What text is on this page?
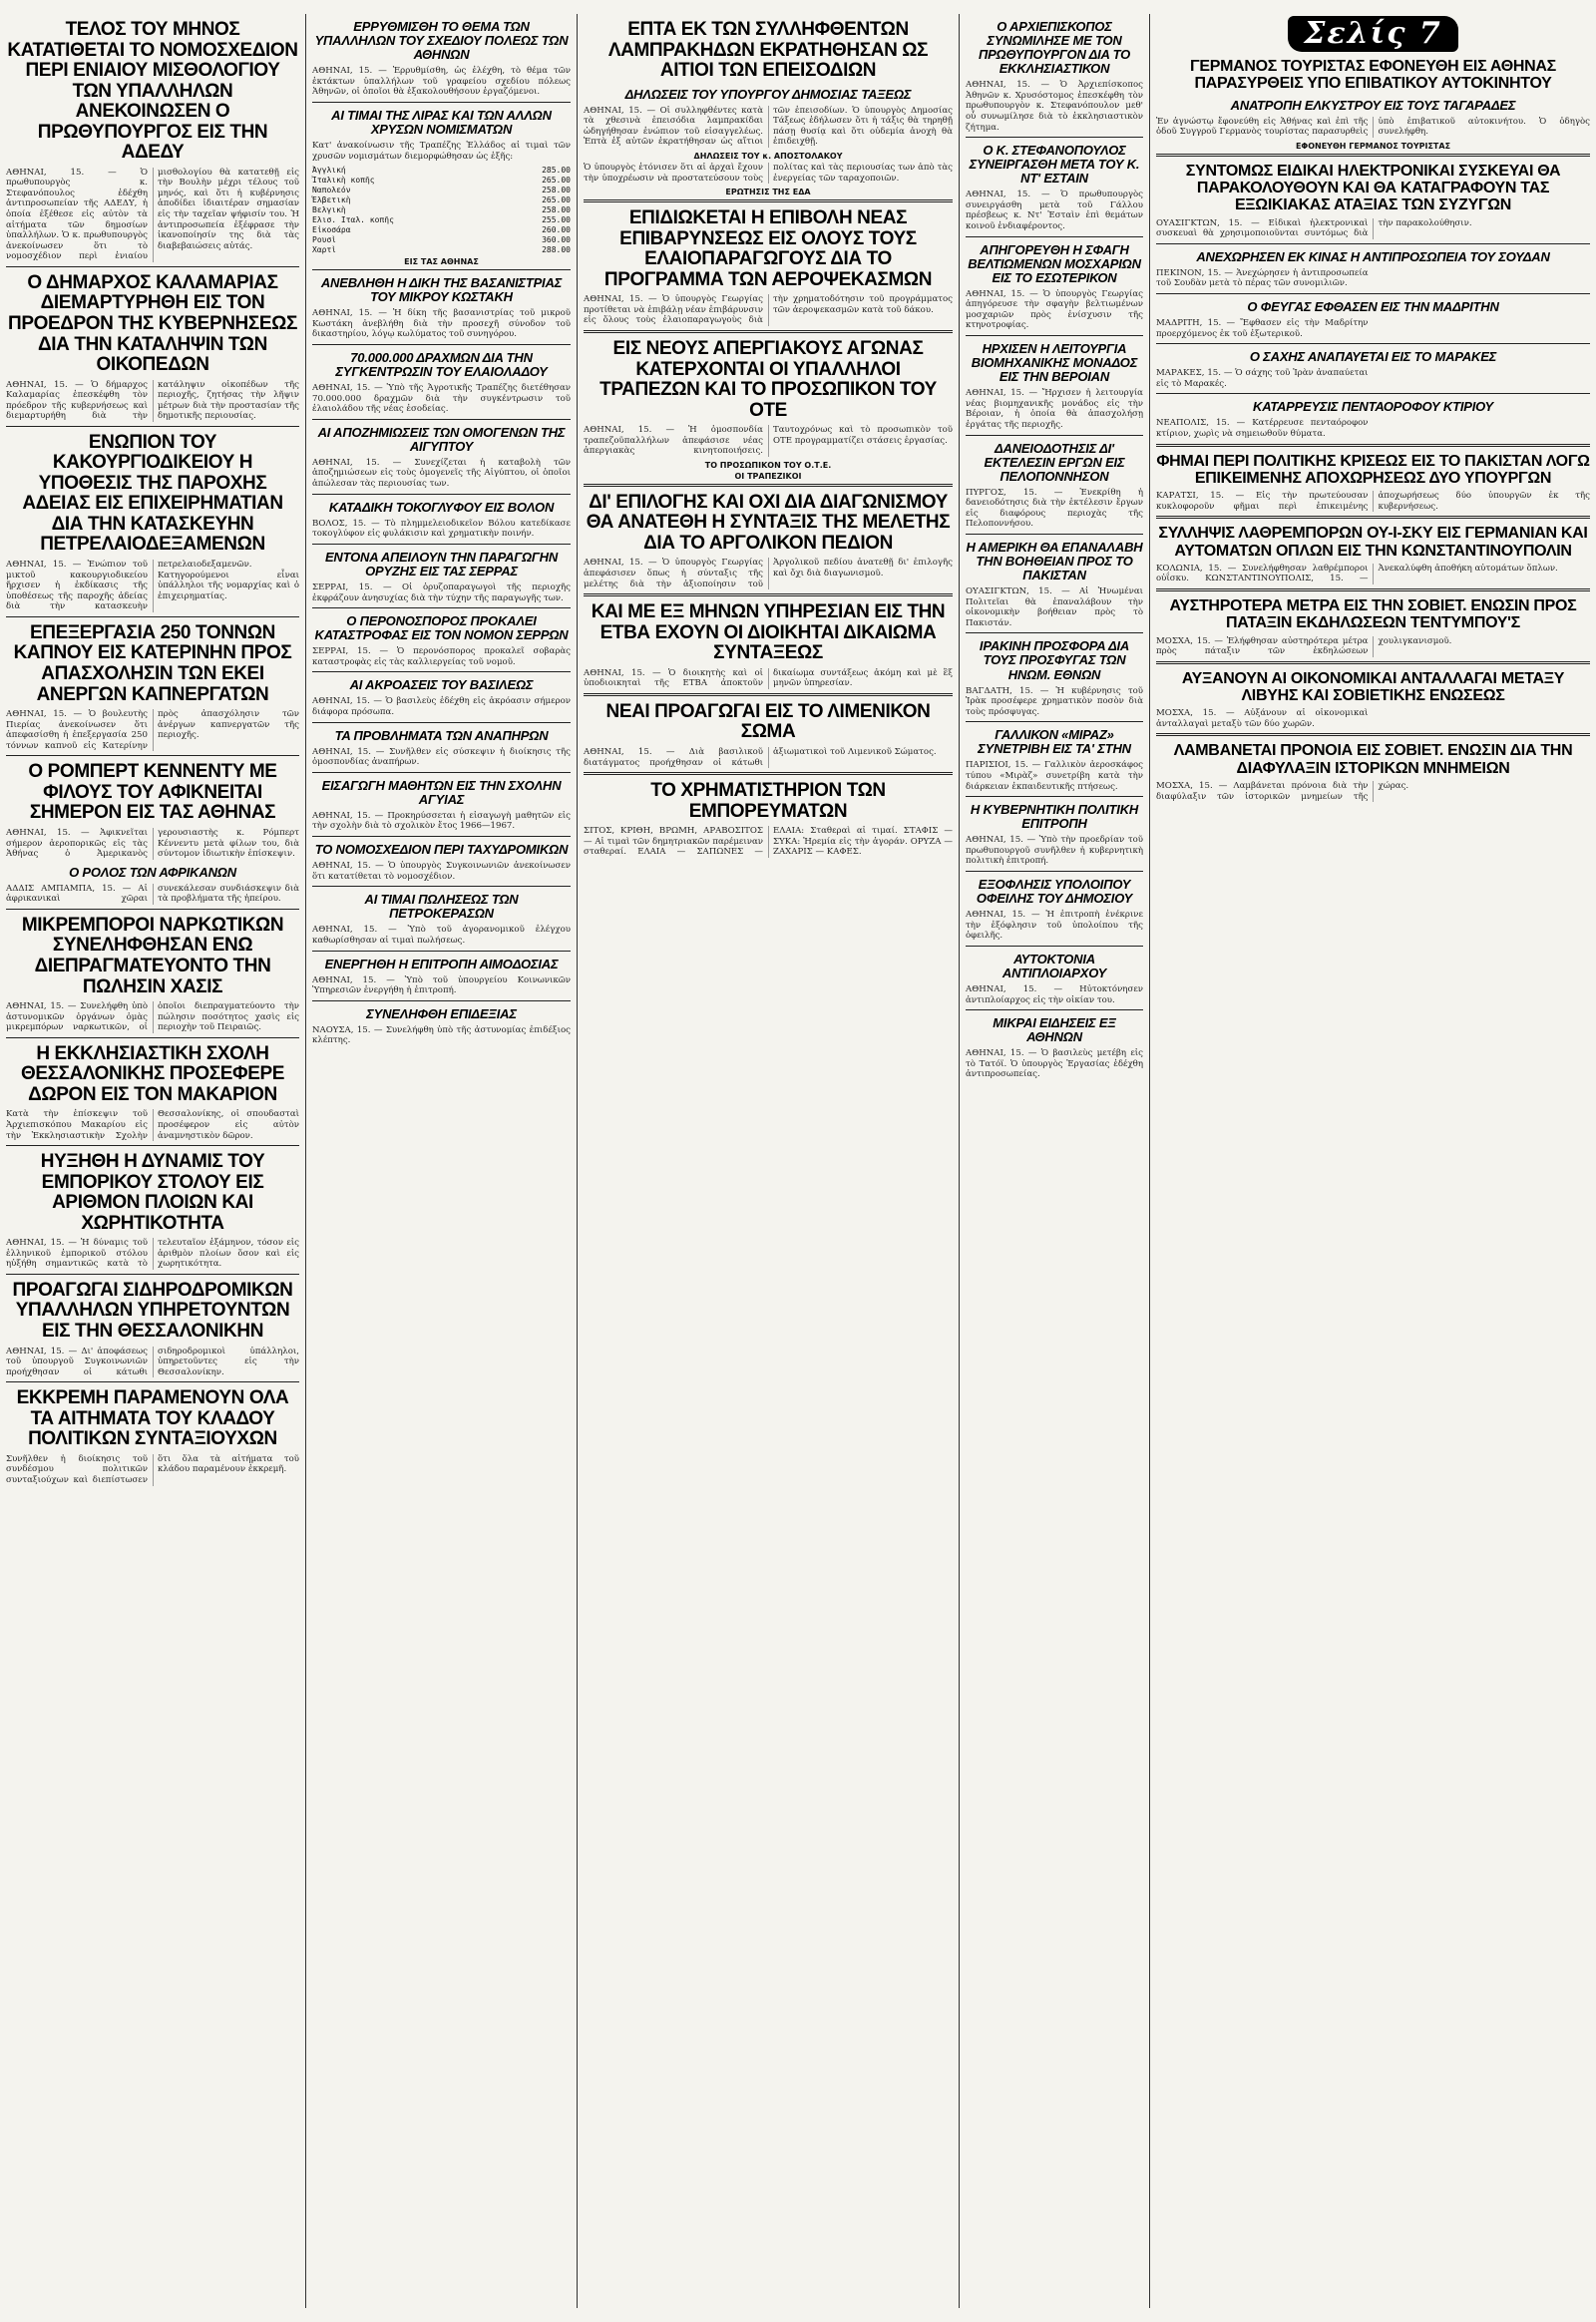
ΤΕΛΟΣ ΤΟΥ ΜΗΝΟΣ ΚΑΤΑΤΙΘΕΤΑΙ ΤΟ ΝΟΜΟΣΧΕΔΙΟΝ ΠΕΡΙ ΕΝΙΑΙΟΥ ΜΙΣΘΟΛΟΓΙΟΥ ΤΩΝ ΥΠΑΛΛΗΛΩΝ ΑΝΕΚΟΙΝΩΣΕΝ Ο ΠΡΩΘΥΠΟΥΡΓΟΣ ΕΙΣ ΤΗΝ ΑΔΕΔΥ
ΑΘΗΝΑΙ, 15. — Ὁ πρωθυπουργὸς κ. Στεφανόπουλος ἐδέχθη ἀντιπροσωπείαν τῆς ΑΔΕΔΥ, ἡ ὁποία ἐξέθεσε εἰς αὐτὸν τὰ αἰτήματα τῶν δημοσίων ὑπαλλήλων. Ὁ κ. πρωθυπουργὸς ἀνεκοίνωσεν ὅτι τὸ νομοσχέδιον περὶ ἑνιαίου μισθολογίου θὰ κατατεθῇ εἰς τὴν Βουλὴν μέχρι τέλους τοῦ μηνός, καὶ ὅτι ἡ κυβέρνησις ἀποδίδει ἰδιαιτέραν σημασίαν εἰς τὴν ταχεῖαν ψήφισίν του. Ἡ ἀντιπροσωπεία ἐξέφρασε τὴν ἱκανοποίησίν της διὰ τὰς διαβεβαιώσεις αὐτάς.
Ο ΔΗΜΑΡΧΟΣ ΚΑΛΑΜΑΡΙΑΣ ΔΙΕΜΑΡΤΥΡΗΘΗ ΕΙΣ ΤΟΝ ΠΡΟΕΔΡΟΝ ΤΗΣ ΚΥΒΕΡΝΗΣΕΩΣ ΔΙΑ ΤΗΝ ΚΑΤΑΛΗΨΙΝ ΤΩΝ ΟΙΚΟΠΕΔΩΝ
ΑΘΗΝΑΙ, 15. — Ὁ δήμαρχος Καλαμαρίας ἐπεσκέφθη τὸν πρόεδρον τῆς κυβερνήσεως καὶ διεμαρτυρήθη διὰ τὴν κατάληψιν οἰκοπέδων τῆς περιοχῆς, ζητήσας τὴν λῆψιν μέτρων διὰ τὴν προστασίαν τῆς δημοτικῆς περιουσίας.
ΕΝΩΠΙΟΝ ΤΟΥ ΚΑΚΟΥΡΓΙΟΔΙΚΕΙΟΥ Η ΥΠΟΘΕΣΙΣ ΤΗΣ ΠΑΡΟΧΗΣ ΑΔΕΙΑΣ ΕΙΣ ΕΠΙΧΕΙΡΗΜΑΤΙΑΝ ΔΙΑ ΤΗΝ ΚΑΤΑΣΚΕΥΗΝ ΠΕΤΡΕΛΑΙΟΔΕΞΑΜΕΝΩΝ
ΑΘΗΝΑΙ, 15. — Ἐνώπιον τοῦ μικτοῦ κακουργιοδικείου ἤρχισεν ἡ ἐκδίκασις τῆς ὑποθέσεως τῆς παροχῆς ἀδείας διὰ τὴν κατασκευὴν πετρελαιοδεξαμενῶν. Κατηγορούμενοι εἶναι ὑπάλληλοι τῆς νομαρχίας καὶ ὁ ἐπιχειρηματίας.
ΕΠΕΞΕΡΓΑΣΙΑ 250 ΤΟΝΝΩΝ ΚΑΠΝΟΥ ΕΙΣ ΚΑΤΕΡΙΝΗΝ ΠΡΟΣ ΑΠΑΣΧΟΛΗΣΙΝ ΤΩΝ ΕΚΕΙ ΑΝΕΡΓΩΝ ΚΑΠΝΕΡΓΑΤΩΝ
ΑΘΗΝΑΙ, 15. — Ὁ βουλευτὴς Πιερίας ἀνεκοίνωσεν ὅτι ἀπεφασίσθη ἡ ἐπεξεργασία 250 τόννων καπνοῦ εἰς Κατερίνην πρὸς ἀπασχόλησιν τῶν ἀνέργων καπνεργατῶν τῆς περιοχῆς.
Ο ΡΟΜΠΕΡΤ ΚΕΝΝΕΝΤΥ ΜΕ ΦΙΛΟΥΣ ΤΟΥ ΑΦΙΚΝΕΙΤΑΙ ΣΗΜΕΡΟΝ ΕΙΣ ΤΑΣ ΑΘΗΝΑΣ
ΑΘΗΝΑΙ, 15. — Ἀφικνεῖται σήμερον ἀεροπορικῶς εἰς τὰς Ἀθήνας ὁ Ἀμερικανὸς γερουσιαστὴς κ. Ρόμπερτ Κέννεντυ μετὰ φίλων του, διὰ σύντομον ἰδιωτικὴν ἐπίσκεψιν.
Ο ΡΟΛΟΣ ΤΩΝ ΑΦΡΙΚΑΝΩΝ
ΑΔΔΙΣ ΑΜΠΑΜΠΑ, 15. — Αἱ ἀφρικανικαὶ χῶραι συνεκάλεσαν συνδιάσκεψιν διὰ τὰ προβλήματα τῆς ἠπείρου.
ΜΙΚΡΕΜΠΟΡΟΙ ΝΑΡΚΩΤΙΚΩΝ ΣΥΝΕΛΗΦΘΗΣΑΝ ΕΝΩ ΔΙΕΠΡΑΓΜΑΤΕΥΟΝΤΟ ΤΗΝ ΠΩΛΗΣΙΝ ΧΑΣΙΣ
ΑΘΗΝΑΙ, 15. — Συνελήφθη ὑπὸ ἀστυνομικῶν ὀργάνων ὁμὰς μικρεμπόρων ναρκωτικῶν, οἱ ὁποῖοι διεπραγματεύοντο τὴν πώλησιν ποσότητος χασὶς εἰς περιοχὴν τοῦ Πειραιῶς.
Η ΕΚΚΛΗΣΙΑΣΤΙΚΗ ΣΧΟΛΗ ΘΕΣΣΑΛΟΝΙΚΗΣ ΠΡΟΣΕΦΕΡΕ ΔΩΡΟΝ ΕΙΣ ΤΟΝ ΜΑΚΑΡΙΟΝ
Κατὰ τὴν ἐπίσκεψιν τοῦ Ἀρχιεπισκόπου Μακαρίου εἰς τὴν Ἐκκλησιαστικὴν Σχολὴν Θεσσαλονίκης, οἱ σπουδασταὶ προσέφερον εἰς αὐτὸν ἀναμνηστικὸν δῶρον.
ΗΥΞΗΘΗ Η ΔΥΝΑΜΙΣ ΤΟΥ ΕΜΠΟΡΙΚΟΥ ΣΤΟΛΟΥ ΕΙΣ ΑΡΙΘΜΟΝ ΠΛΟΙΩΝ ΚΑΙ ΧΩΡΗΤΙΚΟΤΗΤΑ
ΑΘΗΝΑΙ, 15. — Ἡ δύναμις τοῦ ἑλληνικοῦ ἐμπορικοῦ στόλου ηὐξήθη σημαντικῶς κατὰ τὸ τελευταῖον ἑξάμηνον, τόσον εἰς ἀριθμὸν πλοίων ὅσον καὶ εἰς χωρητικότητα.
ΠΡΟΑΓΩΓΑΙ ΣΙΔΗΡΟΔΡΟΜΙΚΩΝ ΥΠΑΛΛΗΛΩΝ ΥΠΗΡΕΤΟΥΝΤΩΝ ΕΙΣ ΤΗΝ ΘΕΣΣΑΛΟΝΙΚΗΝ
ΑΘΗΝΑΙ, 15. — Δι' ἀποφάσεως τοῦ ὑπουργοῦ Συγκοινωνιῶν προήχθησαν οἱ κάτωθι σιδηροδρομικοὶ ὑπάλληλοι, ὑπηρετοῦντες εἰς τὴν Θεσσαλονίκην.
ΕΚΚΡΕΜΗ ΠΑΡΑΜΕΝΟΥΝ ΟΛΑ ΤΑ ΑΙΤΗΜΑΤΑ ΤΟΥ ΚΛΑΔΟΥ ΠΟΛΙΤΙΚΩΝ ΣΥΝΤΑΞΙΟΥΧΩΝ
Συνῆλθεν ἡ διοίκησις τοῦ συνδέσμου πολιτικῶν συνταξιούχων καὶ διεπίστωσεν ὅτι ὅλα τὰ αἰτήματα τοῦ κλάδου παραμένουν ἐκκρεμῆ.
ΕΡΡΥΘΜΙΣΘΗ ΤΟ ΘΕΜΑ ΤΩΝ ΥΠΑΛΛΗΛΩΝ ΤΟΥ ΣΧΕΔΙΟΥ ΠΟΛΕΩΣ ΤΩΝ ΑΘΗΝΩΝ
ΑΘΗΝΑΙ, 15. — Ἐρρυθμίσθη, ὡς ἐλέχθη, τὸ θέμα τῶν ἐκτάκτων ὑπαλλήλων τοῦ γραφείου σχεδίου πόλεως Ἀθηνῶν, οἱ ὁποῖοι θὰ ἐξακολουθήσουν ἐργαζόμενοι.
ΑΙ ΤΙΜΑΙ ΤΗΣ ΛΙΡΑΣ ΚΑΙ ΤΩΝ ΑΛΛΩΝ ΧΡΥΣΩΝ ΝΟΜΙΣΜΑΤΩΝ
Κατ' ἀνακοίνωσιν τῆς Τραπέζης Ἑλλάδος αἱ τιμαὶ τῶν χρυσῶν νομισμάτων διεμορφώθησαν ὡς ἑξῆς:
Ἀγγλική	285.00
Ἰταλικὴ κοπῆς	265.00
Ναπολεόν	258.00
Ἑλβετικὴ	265.00
Βελγικὴ	258.00
Ελισ. Ιταλ. κοπῆς	255.00
Εἰκοσάρα	260.00
Ρουσὶ	360.00
Χαρτὶ	288.00
ΕΙΣ ΤΑΣ ΑΘΗΝΑΣ
ΑΝΕΒΛΗΘΗ Η ΔΙΚΗ ΤΗΣ ΒΑΣΑΝΙΣΤΡΙΑΣ ΤΟΥ ΜΙΚΡΟΥ ΚΩΣΤΑΚΗ
ΑΘΗΝΑΙ, 15. — Ἡ δίκη τῆς βασανιστρίας τοῦ μικροῦ Κωστάκη ἀνεβλήθη διὰ τὴν προσεχῆ σύνοδον τοῦ δικαστηρίου, λόγῳ κωλύματος τοῦ συνηγόρου.
70.000.000 ΔΡΑΧΜΩΝ ΔΙΑ ΤΗΝ ΣΥΓΚΕΝΤΡΩΣΙΝ ΤΟΥ ΕΛΑΙΟΛΑΔΟΥ
ΑΘΗΝΑΙ, 15. — Ὑπὸ τῆς Ἀγροτικῆς Τραπέζης διετέθησαν 70.000.000 δραχμῶν διὰ τὴν συγκέντρωσιν τοῦ ἐλαιολάδου τῆς νέας ἐσοδείας.
ΑΙ ΑΠΟΖΗΜΙΩΣΕΙΣ ΤΩΝ ΟΜΟΓΕΝΩΝ ΤΗΣ ΑΙΓΥΠΤΟΥ
ΑΘΗΝΑΙ, 15. — Συνεχίζεται ἡ καταβολὴ τῶν ἀποζημιώσεων εἰς τοὺς ὁμογενεῖς τῆς Αἰγύπτου, οἱ ὁποῖοι ἀπώλεσαν τὰς περιουσίας των.
ΚΑΤΑΔΙΚΗ ΤΟΚΟΓΛΥΦΟΥ ΕΙΣ ΒΟΛΟΝ
ΒΟΛΟΣ, 15. — Τὸ πλημμελειοδικεῖον Βόλου κατεδίκασε τοκογλύφον εἰς φυλάκισιν καὶ χρηματικὴν ποινήν.
ΕΝΤΟΝΑ ΑΠΕΙΛΟΥΝ ΤΗΝ ΠΑΡΑΓΩΓΗΝ ΟΡΥΖΗΣ ΕΙΣ ΤΑΣ ΣΕΡΡΑΣ
ΣΕΡΡΑΙ, 15. — Οἱ ὀρυζοπαραγωγοὶ τῆς περιοχῆς ἐκφράζουν ἀνησυχίας διὰ τὴν τύχην τῆς παραγωγῆς των.
Ο ΠΕΡΟΝΟΣΠΟΡΟΣ ΠΡΟΚΑΛΕΙ ΚΑΤΑΣΤΡΟΦΑΣ ΕΙΣ ΤΟΝ ΝΟΜΟΝ ΣΕΡΡΩΝ
ΣΕΡΡΑΙ, 15. — Ὁ περονόσπορος προκαλεῖ σοβαρὰς καταστροφὰς εἰς τὰς καλλιεργείας τοῦ νομοῦ.
ΑΙ ΑΚΡΟΑΣΕΙΣ ΤΟΥ ΒΑΣΙΛΕΩΣ
ΑΘΗΝΑΙ, 15. — Ὁ βασιλεὺς ἐδέχθη εἰς ἀκρόασιν σήμερον διάφορα πρόσωπα.
ΤΑ ΠΡΟΒΛΗΜΑΤΑ ΤΩΝ ΑΝΑΠΗΡΩΝ
ΑΘΗΝΑΙ, 15. — Συνῆλθεν εἰς σύσκεψιν ἡ διοίκησις τῆς ὁμοσπονδίας ἀναπήρων.
ΕΙΣΑΓΩΓΗ ΜΑΘΗΤΩΝ ΕΙΣ ΤΗΝ ΣΧΟΛΗΝ ΑΓΥΙΑΣ
ΑΘΗΝΑΙ, 15. — Προκηρύσσεται ἡ εἰσαγωγὴ μαθητῶν εἰς τὴν σχολὴν διὰ τὸ σχολικὸν ἔτος 1966—1967.
ΤΟ ΝΟΜΟΣΧΕΔΙΟΝ ΠΕΡΙ ΤΑΧΥΔΡΟΜΙΚΩΝ
ΑΘΗΝΑΙ, 15. — Ὁ ὑπουργὸς Συγκοινωνιῶν ἀνεκοίνωσεν ὅτι κατατίθεται τὸ νομοσχέδιον.
ΑΙ ΤΙΜΑΙ ΠΩΛΗΣΕΩΣ ΤΩΝ ΠΕΤΡΟΚΕΡΑΣΩΝ
ΑΘΗΝΑΙ, 15. — Ὑπὸ τοῦ ἀγορανομικοῦ ἐλέγχου καθωρίσθησαν αἱ τιμαὶ πωλήσεως.
ΕΝΕΡΓΗΘΗ Η ΕΠΙΤΡΟΠΗ ΑΙΜΟΔΟΣΙΑΣ
ΑΘΗΝΑΙ, 15. — Ὑπὸ τοῦ ὑπουργείου Κοινωνικῶν Ὑπηρεσιῶν ἐνεργήθη ἡ ἐπιτροπή.
ΣΥΝΕΛΗΦΘΗ ΕΠΙΔΕΞΙΑΣ
ΝΑΟΥΣΑ, 15. — Συνελήφθη ὑπὸ τῆς ἀστυνομίας ἐπιδέξιος κλέπτης.
ΕΠΤΑ ΕΚ ΤΩΝ ΣΥΛΛΗΦΘΕΝΤΩΝ ΛΑΜΠΡΑΚΗΔΩΝ ΕΚΡΑΤΗΘΗΣΑΝ ΩΣ ΑΙΤΙΟΙ ΤΩΝ ΕΠΕΙΣΟΔΙΩΝ
ΔΗΛΩΣΕΙΣ ΤΟΥ ΥΠΟΥΡΓΟΥ ΔΗΜΟΣΙΑΣ ΤΑΞΕΩΣ
ΑΘΗΝΑΙ, 15. — Οἱ συλληφθέντες κατὰ τὰ χθεσινὰ ἐπεισόδια λαμπρακίδαι ὡδηγήθησαν ἐνώπιον τοῦ εἰσαγγελέως. Ἑπτὰ ἐξ αὐτῶν ἐκρατήθησαν ὡς αἴτιοι τῶν ἐπεισοδίων. Ὁ ὑπουργὸς Δημοσίας Τάξεως ἐδήλωσεν ὅτι ἡ τάξις θὰ τηρηθῇ πάσῃ θυσίᾳ καὶ ὅτι οὐδεμία ἀνοχὴ θὰ ἐπιδειχθῇ.
ΔΗΛΩΣΕΙΣ ΤΟΥ κ. ΑΠΟΣΤΟΛΑΚΟΥ
Ὁ ὑπουργὸς ἐτόνισεν ὅτι αἱ ἀρχαὶ ἔχουν τὴν ὑποχρέωσιν νὰ προστατεύσουν τοὺς πολίτας καὶ τὰς περιουσίας των ἀπὸ τὰς ἐνεργείας τῶν ταραχοποιῶν.
ΕΡΩΤΗΣΙΣ ΤΗΣ ΕΔΑ
ΕΠΙΔΙΩΚΕΤΑΙ Η ΕΠΙΒΟΛΗ ΝΕΑΣ ΕΠΙΒΑΡΥΝΣΕΩΣ ΕΙΣ ΟΛΟΥΣ ΤΟΥΣ ΕΛΑΙΟΠΑΡΑΓΩΓΟΥΣ ΔΙΑ ΤΟ ΠΡΟΓΡΑΜΜΑ ΤΩΝ ΑΕΡΟΨΕΚΑΣΜΩΝ
ΑΘΗΝΑΙ, 15. — Ὁ ὑπουργὸς Γεωργίας προτίθεται νὰ ἐπιβάλῃ νέαν ἐπιβάρυνσιν εἰς ὅλους τοὺς ἐλαιοπαραγωγοὺς διὰ τὴν χρηματοδότησιν τοῦ προγράμματος τῶν ἀεροψεκασμῶν κατὰ τοῦ δάκου.
ΕΙΣ ΝΕΟΥΣ ΑΠΕΡΓΙΑΚΟΥΣ ΑΓΩΝΑΣ ΚΑΤΕΡΧΟΝΤΑΙ ΟΙ ΥΠΑΛΛΗΛΟΙ ΤΡΑΠΕΖΩΝ ΚΑΙ ΤΟ ΠΡΟΣΩΠΙΚΟΝ ΤΟΥ ΟΤΕ
ΑΘΗΝΑΙ, 15. — Ἡ ὁμοσπονδία τραπεζοϋπαλλήλων ἀπεφάσισε νέας ἀπεργιακὰς κινητοποιήσεις. Ταυτοχρόνως καὶ τὸ προσωπικὸν τοῦ ΟΤΕ προγραμματίζει στάσεις ἐργασίας.
ΤΟ ΠΡΟΣΩΠΙΚΟΝ ΤΟΥ Ο.Τ.Ε.
ΟΙ ΤΡΑΠΕΖΙΚΟΙ
ΔΙ' ΕΠΙΛΟΓΗΣ ΚΑΙ ΟΧΙ ΔΙΑ ΔΙΑΓΩΝΙΣΜΟΥ ΘΑ ΑΝΑΤΕΘΗ Η ΣΥΝΤΑΞΙΣ ΤΗΣ ΜΕΛΕΤΗΣ ΔΙΑ ΤΟ ΑΡΓΟΛΙΚΟΝ ΠΕΔΙΟΝ
ΑΘΗΝΑΙ, 15. — Ὁ ὑπουργὸς Γεωργίας ἀπεφάσισεν ὅπως ἡ σύνταξις τῆς μελέτης διὰ τὴν ἀξιοποίησιν τοῦ Ἀργολικοῦ πεδίου ἀνατεθῇ δι' ἐπιλογῆς καὶ ὄχι διὰ διαγωνισμοῦ.
ΚΑΙ ΜΕ ΕΞ ΜΗΝΩΝ ΥΠΗΡΕΣΙΑΝ ΕΙΣ ΤΗΝ ΕΤΒΑ ΕΧΟΥΝ ΟΙ ΔΙΟΙΚΗΤΑΙ ΔΙΚΑΙΩΜΑ ΣΥΝΤΑΞΕΩΣ
ΑΘΗΝΑΙ, 15. — Ὁ διοικητὴς καὶ οἱ ὑποδιοικηταὶ τῆς ΕΤΒΑ ἀποκτοῦν δικαίωμα συντάξεως ἀκόμη καὶ μὲ ἓξ μηνῶν ὑπηρεσίαν.
ΝΕΑΙ ΠΡΟΑΓΩΓΑΙ ΕΙΣ ΤΟ ΛΙΜΕΝΙΚΟΝ ΣΩΜΑ
ΑΘΗΝΑΙ, 15. — Διὰ βασιλικοῦ διατάγματος προήχθησαν οἱ κάτωθι ἀξιωματικοὶ τοῦ Λιμενικοῦ Σώματος.
ΤΟ ΧΡΗΜΑΤΙΣΤΗΡΙΟΝ ΤΩΝ ΕΜΠΟΡΕΥΜΑΤΩΝ
ΣΙΤΟΣ, ΚΡΙΘΗ, ΒΡΩΜΗ, ΑΡΑΒΟΣΙΤΟΣ — Αἱ τιμαὶ τῶν δημητριακῶν παρέμειναν σταθεραί. ΕΛΑΙΑ — ΣΑΠΩΝΕΣ — ΕΛΑΙΑ: Σταθεραὶ αἱ τιμαί. ΣΤΑΦΙΣ — ΣΥΚΑ: Ἠρεμία εἰς τὴν ἀγοράν. ΟΡΥΖΑ — ΖΑΧΑΡΙΣ — ΚΑΦΕΣ.
Ο ΑΡΧΙΕΠΙΣΚΟΠΟΣ ΣΥΝΩΜΙΛΗΣΕ ΜΕ ΤΟΝ ΠΡΩΘΥΠΟΥΡΓΟΝ ΔΙΑ ΤΟ ΕΚΚΛΗΣΙΑΣΤΙΚΟΝ
ΑΘΗΝΑΙ, 15. — Ὁ Ἀρχιεπίσκοπος Ἀθηνῶν κ. Χρυσόστομος ἐπεσκέφθη τὸν πρωθυπουργὸν κ. Στεφανόπουλον μεθ' οὗ συνωμίλησε διὰ τὸ ἐκκλησιαστικὸν ζήτημα.
Ο Κ. ΣΤΕΦΑΝΟΠΟΥΛΟΣ ΣΥΝΕΙΡΓΑΣΘΗ ΜΕΤΑ ΤΟΥ Κ. ΝΤ' ΕΣΤΑΙΝ
ΑΘΗΝΑΙ, 15. — Ὁ πρωθυπουργὸς συνειργάσθη μετὰ τοῦ Γάλλου πρέσβεως κ. Ντ' Ἐσταὶν ἐπὶ θεμάτων κοινοῦ ἐνδιαφέροντος.
ΑΠΗΓΟΡΕΥΘΗ Η ΣΦΑΓΗ ΒΕΛΤΙΩΜΕΝΩΝ ΜΟΣΧΑΡΙΩΝ ΕΙΣ ΤΟ ΕΣΩΤΕΡΙΚΟΝ
ΑΘΗΝΑΙ, 15. — Ὁ ὑπουργὸς Γεωργίας ἀπηγόρευσε τὴν σφαγὴν βελτιωμένων μοσχαριῶν πρὸς ἐνίσχυσιν τῆς κτηνοτροφίας.
ΗΡΧΙΣΕΝ Η ΛΕΙΤΟΥΡΓΙΑ ΒΙΟΜΗΧΑΝΙΚΗΣ ΜΟΝΑΔΟΣ ΕΙΣ ΤΗΝ ΒΕΡΟΙΑΝ
ΑΘΗΝΑΙ, 15. — Ἤρχισεν ἡ λειτουργία νέας βιομηχανικῆς μονάδος εἰς τὴν Βέροιαν, ἡ ὁποία θὰ ἀπασχολήσῃ ἐργάτας τῆς περιοχῆς.
ΔΑΝΕΙΟΔΟΤΗΣΙΣ ΔΙ' ΕΚΤΕΛΕΣΙΝ ΕΡΓΩΝ ΕΙΣ ΠΕΛΟΠΟΝΝΗΣΟΝ
ΠΥΡΓΟΣ, 15. — Ἐνεκρίθη ἡ δανειοδότησις διὰ τὴν ἐκτέλεσιν ἔργων εἰς διαφόρους περιοχὰς τῆς Πελοποννήσου.
Η ΑΜΕΡΙΚΗ ΘΑ ΕΠΑΝΑΛΑΒΗ ΤΗΝ ΒΟΗΘΕΙΑΝ ΠΡΟΣ ΤΟ ΠΑΚΙΣΤΑΝ
ΟΥΑΣΙΓΚΤΩΝ, 15. — Αἱ Ἡνωμέναι Πολιτεῖαι θὰ ἐπαναλάβουν τὴν οἰκονομικὴν βοήθειαν πρὸς τὸ Πακιστάν.
ΙΡΑΚΙΝΗ ΠΡΟΣΦΟΡΑ ΔΙΑ ΤΟΥΣ ΠΡΟΣΦΥΓΑΣ ΤΩΝ ΗΝΩΜ. ΕΘΝΩΝ
ΒΑΓΔΑΤΗ, 15. — Ἡ κυβέρνησις τοῦ Ἰρὰκ προσέφερε χρηματικὸν ποσὸν διὰ τοὺς πρόσφυγας.
ΓΑΛΛΙΚΟΝ «ΜΙΡΑΖ» ΣΥΝΕΤΡΙΒΗ ΕΙΣ ΤΑ' ΣΤΗΝ
ΠΑΡΙΣΙΟΙ, 15. — Γαλλικὸν ἀεροσκάφος τύπου «Μιρὰζ» συνετρίβη κατὰ τὴν διάρκειαν ἐκπαιδευτικῆς πτήσεως.
Η ΚΥΒΕΡΝΗΤΙΚΗ ΠΟΛΙΤΙΚΗ ΕΠΙΤΡΟΠΗ
ΑΘΗΝΑΙ, 15. — Ὑπὸ τὴν προεδρίαν τοῦ πρωθυπουργοῦ συνῆλθεν ἡ κυβερνητικὴ πολιτικὴ ἐπιτροπή.
ΕΞΟΦΛΗΣΙΣ ΥΠΟΛΟΙΠΟΥ ΟΦΕΙΛΗΣ ΤΟΥ ΔΗΜΟΣΙΟΥ
ΑΘΗΝΑΙ, 15. — Ἡ ἐπιτροπὴ ἐνέκρινε τὴν ἐξόφλησιν τοῦ ὑπολοίπου τῆς ὀφειλῆς.
ΑΥΤΟΚΤΟΝΙΑ ΑΝΤΙΠΛΟΙΑΡΧΟΥ
ΑΘΗΝΑΙ, 15. — Ηὐτοκτόνησεν ἀντιπλοίαρχος εἰς τὴν οἰκίαν του.
ΜΙΚΡΑΙ ΕΙΔΗΣΕΙΣ ΕΞ ΑΘΗΝΩΝ
ΑΘΗΝΑΙ, 15. — Ὁ βασιλεὺς μετέβη εἰς τὸ Τατόϊ. Ὁ ὑπουργὸς Ἐργασίας ἐδέχθη ἀντιπροσωπείας.
Σελίς 7
ΓΕΡΜΑΝΟΣ ΤΟΥΡΙΣΤΑΣ ΕΦΟΝΕΥΘΗ ΕΙΣ ΑΘΗΝΑΣ ΠΑΡΑΣΥΡΘΕΙΣ ΥΠΟ ΕΠΙΒΑΤΙΚΟΥ ΑΥΤΟΚΙΝΗΤΟΥ
ΑΝΑΤΡΟΠΗ ΕΛΚΥΣΤΡΟΥ ΕΙΣ ΤΟΥΣ ΤΑΓΑΡΑΔΕΣ
Ἐν ἀγνώστῳ ἔφονεύθη εἰς Ἀθήνας καὶ ἐπὶ τῆς ὁδοῦ Συγγροῦ Γερμανὸς τουρίστας παρασυρθεὶς ὑπὸ ἐπιβατικοῦ αὐτοκινήτου. Ὁ ὁδηγὸς συνελήφθη.
ΕΦΟΝΕΥΘΗ ΓΕΡΜΑΝΟΣ ΤΟΥΡΙΣΤΑΣ
ΣΥΝΤΟΜΩΣ ΕΙΔΙΚΑΙ ΗΛΕΚΤΡΟΝΙΚΑΙ ΣΥΣΚΕΥΑΙ ΘΑ ΠΑΡΑΚΟΛΟΥΘΟΥΝ ΚΑΙ ΘΑ ΚΑΤΑΓΡΑΦΟΥΝ ΤΑΣ ΕΞΩΙΚΙΑΚΑΣ ΑΤΑΞΙΑΣ ΤΩΝ ΣΥΖΥΓΩΝ
ΟΥΑΣΙΓΚΤΩΝ, 15. — Εἰδικαὶ ἠλεκτρονικαὶ συσκευαὶ θὰ χρησιμοποιοῦνται συντόμως διὰ τὴν παρακολούθησιν.
ΑΝΕΧΩΡΗΣΕΝ ΕΚ ΚΙΝΑΣ Η ΑΝΤΙΠΡΟΣΩΠΕΙΑ ΤΟΥ ΣΟΥΔΑΝ
ΠΕΚΙΝΟΝ, 15. — Ἀνεχώρησεν ἡ ἀντιπροσωπεία τοῦ Σουδὰν μετὰ τὸ πέρας τῶν συνομιλιῶν.
Ο ΦΕΥΓΑΣ ΕΦΘΑΣΕΝ ΕΙΣ ΤΗΝ ΜΑΔΡΙΤΗΝ
ΜΑΔΡΙΤΗ, 15. — Ἔφθασεν εἰς τὴν Μαδρίτην προερχόμενος ἐκ τοῦ ἐξωτερικοῦ.
Ο ΣΑΧΗΣ ΑΝΑΠΑΥΕΤΑΙ ΕΙΣ ΤΟ ΜΑΡΑΚΕΣ
ΜΑΡΑΚΕΣ, 15. — Ὁ σάχης τοῦ Ἰρὰν ἀναπαύεται εἰς τὸ Μαρακές.
ΚΑΤΑΡΡΕΥΣΙΣ ΠΕΝΤΑΟΡΟΦΟΥ ΚΤΙΡΙΟΥ
ΝΕΑΠΟΛΙΣ, 15. — Κατέρρευσε πενταόροφον κτίριον, χωρὶς νὰ σημειωθοῦν θύματα.
ΦΗΜΑΙ ΠΕΡΙ ΠΟΛΙΤΙΚΗΣ ΚΡΙΣΕΩΣ ΕΙΣ ΤΟ ΠΑΚΙΣΤΑΝ ΛΟΓΩ ΕΠΙΚΕΙΜΕΝΗΣ ΑΠΟΧΩΡΗΣΕΩΣ ΔΥΟ ΥΠΟΥΡΓΩΝ
ΚΑΡΑΤΣΙ, 15. — Εἰς τὴν πρωτεύουσαν κυκλοφοροῦν φῆμαι περὶ ἐπικειμένης ἀποχωρήσεως δύο ὑπουργῶν ἐκ τῆς κυβερνήσεως.
ΣΥΛΛΗΨΙΣ ΛΑΘΡΕΜΠΟΡΩΝ ΟΥ-Ι-ΣΚΥ ΕΙΣ ΓΕΡΜΑΝΙΑΝ ΚΑΙ ΑΥΤΟΜΑΤΩΝ ΟΠΛΩΝ ΕΙΣ ΤΗΝ ΚΩΝΣΤΑΝΤΙΝΟΥΠΟΛΙΝ
ΚΟΛΩΝΙΑ, 15. — Συνελήφθησαν λαθρέμποροι οὐΐσκυ. ΚΩΝΣΤΑΝΤΙΝΟΥΠΟΛΙΣ, 15. — Ἀνεκαλύφθη ἀποθήκη αὐτομάτων ὅπλων.
ΑΥΣΤΗΡΟΤΕΡΑ ΜΕΤΡΑ ΕΙΣ ΤΗΝ ΣΟΒΙΕΤ. ΕΝΩΣΙΝ ΠΡΟΣ ΠΑΤΑΞΙΝ ΕΚΔΗΛΩΣΕΩΝ ΤΕΝΤΥΜΠΟΥ'Σ
ΜΟΣΧΑ, 15. — Ἐλήφθησαν αὐστηρότερα μέτρα πρὸς πάταξιν τῶν ἐκδηλώσεων χουλιγκανισμοῦ.
ΑΥΞΑΝΟΥΝ ΑΙ ΟΙΚΟΝΟΜΙΚΑΙ ΑΝΤΑΛΛΑΓΑΙ ΜΕΤΑΞΥ ΛΙΒΥΗΣ ΚΑΙ ΣΟΒΙΕΤΙΚΗΣ ΕΝΩΣΕΩΣ
ΜΟΣΧΑ, 15. — Αὐξάνουν αἱ οἰκονομικαὶ ἀνταλλαγαὶ μεταξὺ τῶν δύο χωρῶν.
ΛΑΜΒΑΝΕΤΑΙ ΠΡΟΝΟΙΑ ΕΙΣ ΣΟΒΙΕΤ. ΕΝΩΣΙΝ ΔΙΑ ΤΗΝ ΔΙΑΦΥΛΑΞΙΝ ΙΣΤΟΡΙΚΩΝ ΜΝΗΜΕΙΩΝ
ΜΟΣΧΑ, 15. — Λαμβάνεται πρόνοια διὰ τὴν διαφύλαξιν τῶν ἱστορικῶν μνημείων τῆς χώρας.
